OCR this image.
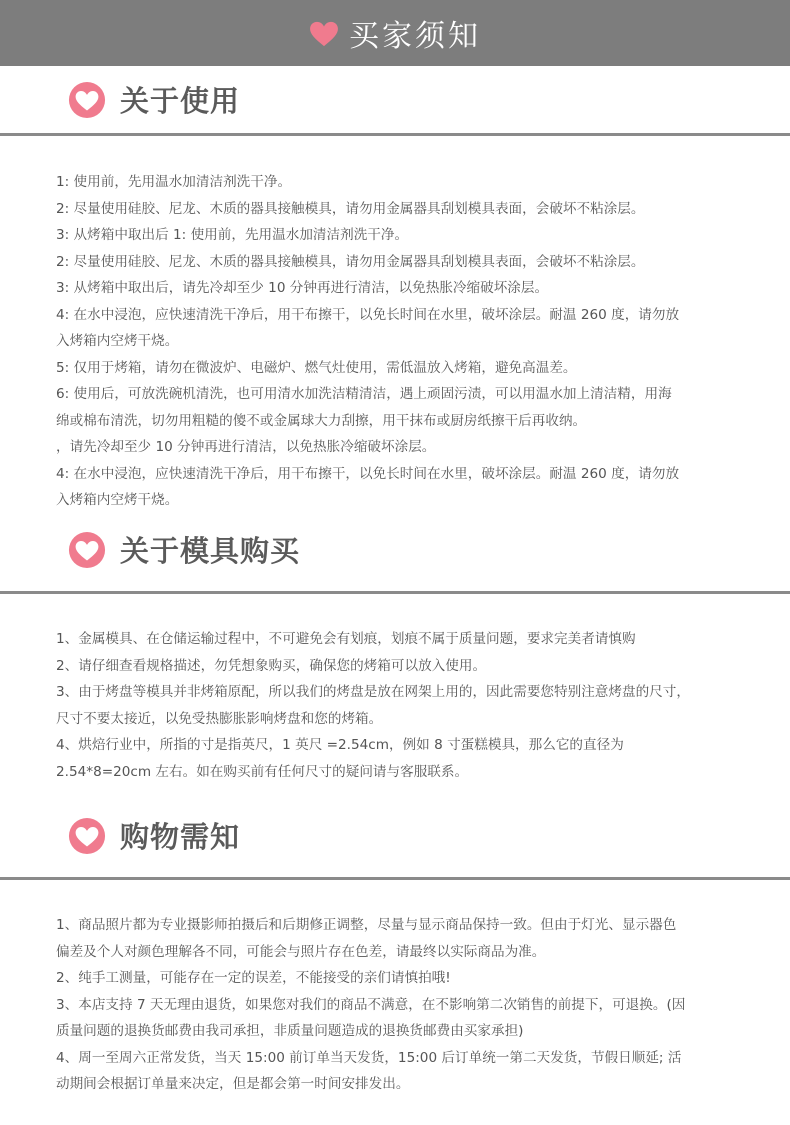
买家须知
关于使用
1: 使用前，先用温水加清洁剂洗干净。
2: 尽量使用硅胶、尼龙、木质的器具接触模具，请勿用金属器具刮划模具表面，会破坏不粘涂层。
3: 从烤箱中取出后 1: 使用前，先用温水加清洁剂洗干净。
2: 尽量使用硅胶、尼龙、木质的器具接触模具，请勿用金属器具刮划模具表面，会破坏不粘涂层。
3: 从烤箱中取出后，请先冷却至少 10 分钟再进行清洁，以免热胀冷缩破坏涂层。
4: 在水中浸泡，应快速清洗干净后，用干布擦干，以免长时间在水里，破坏涂层。耐温 260 度，请勿放
入烤箱内空烤干烧。
5: 仅用于烤箱，请勿在微波炉、电磁炉、燃气灶使用，需低温放入烤箱，避免高温差。
6: 使用后，可放洗碗机清洗，也可用清水加洗洁精清洁，遇上顽固污渍，可以用温水加上清洁精，用海
绵或棉布清洗，切勿用粗糙的傻不或金属球大力刮擦，用干抹布或厨房纸擦干后再收纳。
，请先冷却至少 10 分钟再进行清洁，以免热胀冷缩破坏涂层。
4: 在水中浸泡，应快速清洗干净后，用干布擦干，以免长时间在水里，破坏涂层。耐温 260 度，请勿放
入烤箱内空烤干烧。
关于模具购买
1、金属模具、在仓储运输过程中，不可避免会有划痕，划痕不属于质量问题，要求完美者请慎购
2、请仔细查看规格描述，勿凭想象购买，确保您的烤箱可以放入使用。
3、由于烤盘等模具并非烤箱原配，所以我们的烤盘是放在网架上用的，因此需要您特别注意烤盘的尺寸，
尺寸不要太接近，以免受热膨胀影响烤盘和您的烤箱。
4、烘焙行业中，所指的寸是指英尺，1 英尺 =2.54cm，例如 8 寸蛋糕模具，那么它的直径为
2.54*8=20cm 左右。如在购买前有任何尺寸的疑问请与客服联系。
购物需知
1、商品照片都为专业摄影师拍摄后和后期修正调整，尽量与显示商品保持一致。但由于灯光、显示器色
偏差及个人对颜色理解各不同，可能会与照片存在色差，请最终以实际商品为准。
2、纯手工测量，可能存在一定的误差，不能接受的亲们请慎拍哦!
3、本店支持 7 天无理由退货，如果您对我们的商品不满意，在不影响第二次销售的前提下，可退换。(因
质量问题的退换货邮费由我司承担，非质量问题造成的退换货邮费由买家承担)
4、周一至周六正常发货，当天 15:00 前订单当天发货，15:00 后订单统一第二天发货，节假日顺延; 活
动期间会根据订单量来决定，但是都会第一时间安排发出。
